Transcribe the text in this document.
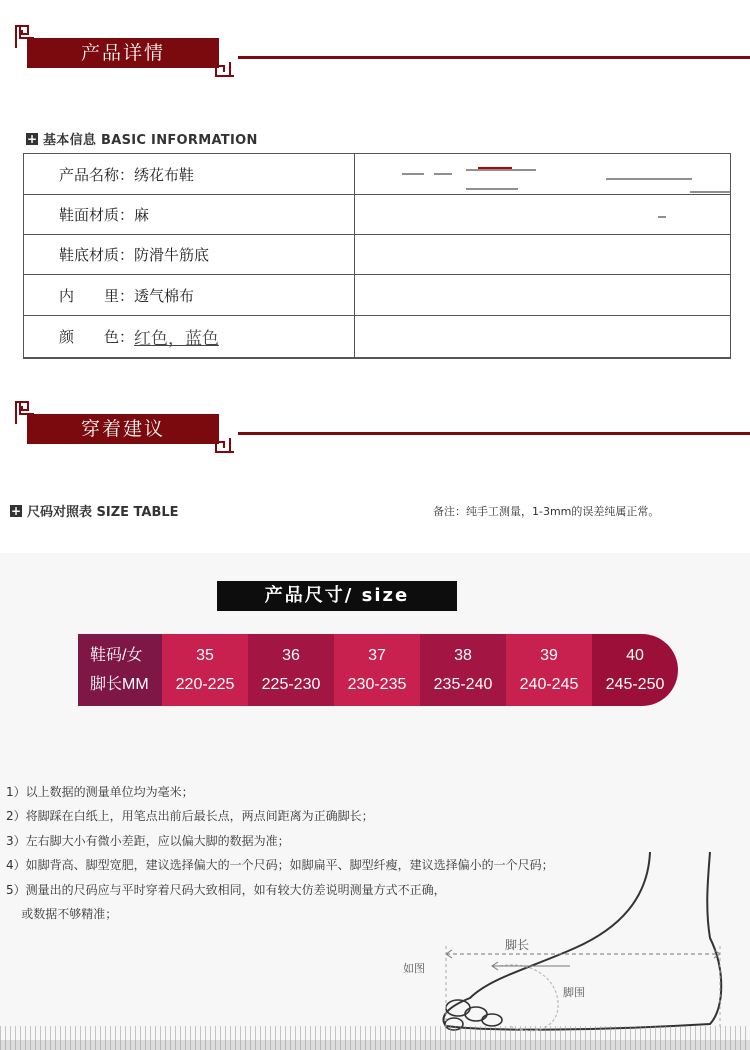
产品详情
+ 基本信息 BASIC INFORMATION
产品名称： 绣花布鞋
鞋面材质： 麻
鞋底材质： 防滑牛筋底
内　　里： 透气棉布
颜　　色： 红色，蓝色
穿着建议
+ 尺码对照表 SIZE TABLE	备注：纯手工测量，1-3mm的误差纯属正常。
产品尺寸/ size
鞋码/女
脚长MM
35
220-225
36
225-230
37
230-235
38
235-240
39
240-245
40
245-250
1）以上数据的测量单位均为毫米；
2）将脚踩在白纸上，用笔点出前后最长点，两点间距离为正确脚长；
3）左右脚大小有微小差距，应以偏大脚的数据为准；
4）如脚背高、脚型宽肥，建议选择偏大的一个尺码；如脚扁平、脚型纤瘦，建议选择偏小的一个尺码；
5）测量出的尺码应与平时穿着尺码大致相同，如有较大仿差说明测量方式不正确，
或数据不够精准；
如图
脚长
脚围
